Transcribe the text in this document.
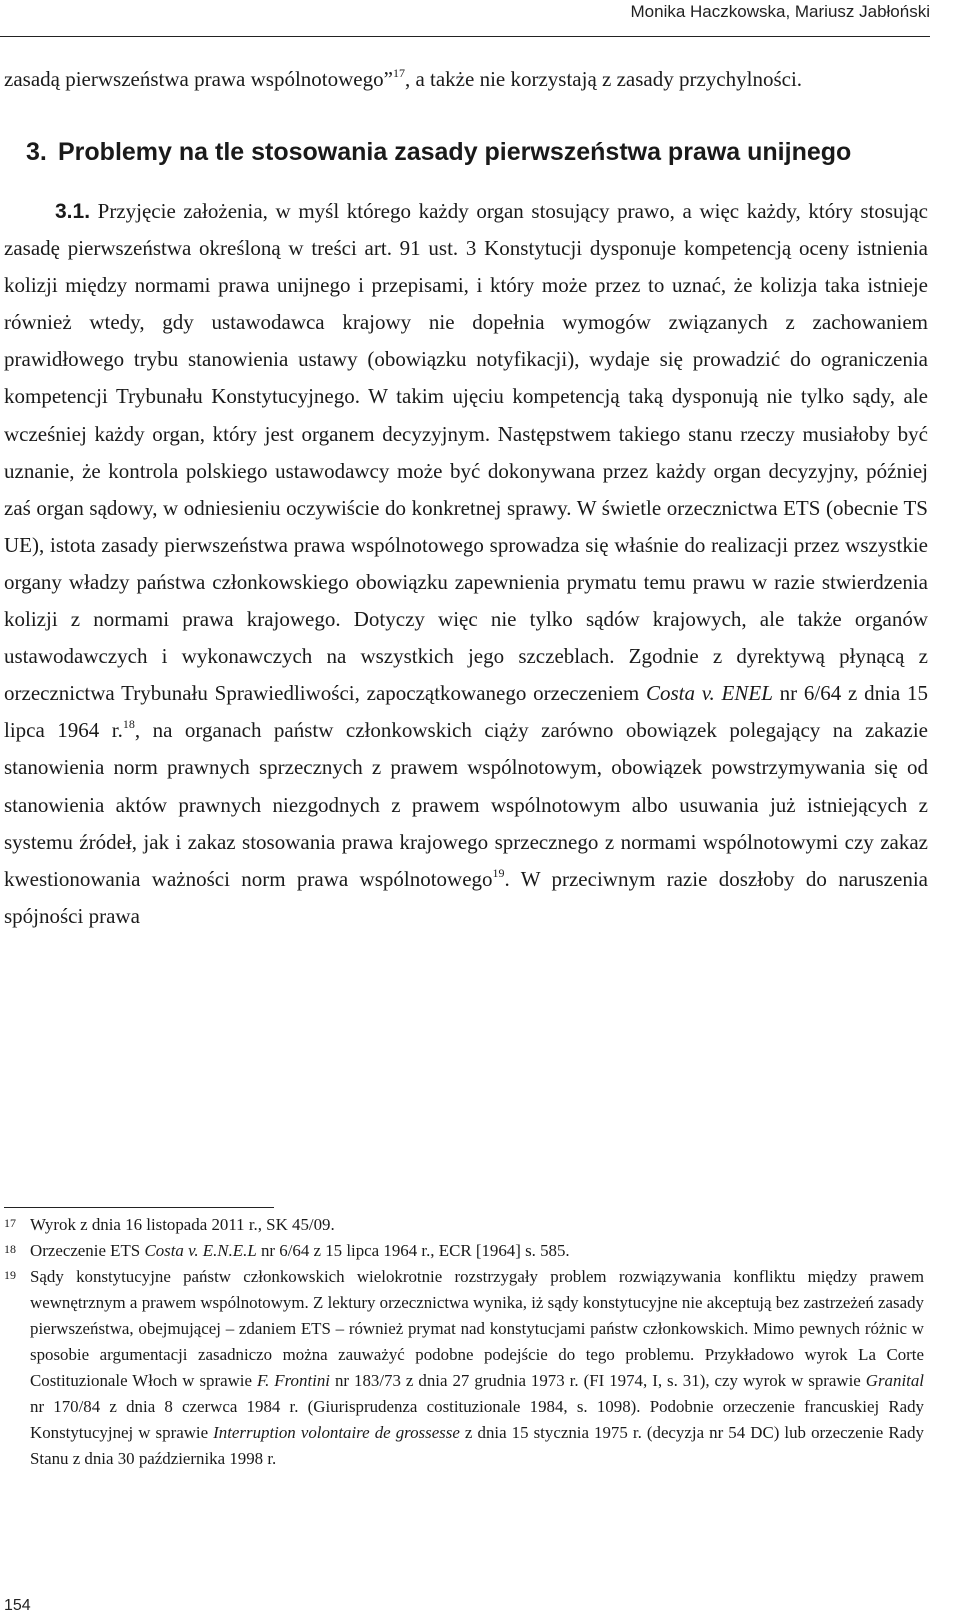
Monika Haczkowska, Mariusz Jabłoński

zasadą pierwszeństwa prawa wspólnotowego”$^{17}$, a także nie korzystają z zasady przychylności.

3. Problemy na tle stosowania zasady pierwszeństwa prawa unijnego

3.1. Przyjęcie założenia, w myśl którego każdy organ stosujący prawo, a więc każdy, który stosując zasadę pierwszeństwa określoną w treści art. 91 ust. 3 Konstytucji dysponuje kompetencją oceny istnienia kolizji między normami prawa unijnego i przepisami, i który może przez to uznać, że kolizja taka istnieje również wtedy, gdy ustawodawca krajowy nie dopełnia wymogów związanych z zachowaniem prawidłowego trybu stanowienia ustawy (obowiązku notyfikacji), wydaje się prowadzić do ograniczenia kompetencji Trybunału Konstytucyjnego. W takim ujęciu kompetencją taką dysponują nie tylko sądy, ale wcześniej każdy organ, który jest organem decyzyjnym. Następstwem takiego stanu rzeczy musiałoby być uznanie, że kontrola polskiego ustawodawcy może być dokonywana przez każdy organ decyzyjny, później zaś organ sądowy, w odniesieniu oczywiście do konkretnej sprawy. W świetle orzecznictwa ETS (obecnie TS UE), istota zasady pierwszeństwa prawa wspólnotowego sprowadza się właśnie do realizacji przez wszystkie organy władzy państwa członkowskiego obowiązku zapewnienia prymatu temu prawu w razie stwierdzenia kolizji z normami prawa krajowego. Dotyczy więc nie tylko sądów krajowych, ale także organów ustawodawczych i wykonawczych na wszystkich jego szczeblach. Zgodnie z dyrektywą płynącą z orzecznictwa Trybunału Sprawiedliwości, zapoczątkowanego orzeczeniem Costa v. ENEL nr 6/64 z dnia 15 lipca 1964 r.$^{18}$, na organach państw członkowskich ciąży zarówno obowiązek polegający na zakazie stanowienia norm prawnych sprzecznych z prawem wspólnotowym, obowiązek powstrzymywania się od stanowienia aktów prawnych niezgodnych z prawem wspólnotowym albo usuwania już istniejących z systemu źródeł, jak i zakaz stosowania prawa krajowego sprzecznego z normami wspólnotowymi czy zakaz kwestionowania ważności norm prawa wspólnotowego$^{19}$. W przeciwnym razie doszłoby do naruszenia spójności prawa

17 Wyrok z dnia 16 listopada 2011 r., SK 45/09.
18 Orzeczenie ETS Costa v. E.N.E.L nr 6/64 z 15 lipca 1964 r., ECR [1964] s. 585.
19 Sądy konstytucyjne państw członkowskich wielokrotnie rozstrzygały problem rozwiązywania konfliktu między prawem wewnętrznym a prawem wspólnotowym. Z lektury orzecznictwa wynika, iż sądy konstytucyjne nie akceptują bez zastrzeżeń zasady pierwszeństwa, obejmującej – zdaniem ETS – również prymat nad konstytucjami państw członkowskich. Mimo pewnych różnic w sposobie argumentacji zasadniczo można zauważyć podobne podejście do tego problemu. Przykładowo wyrok La Corte Costituzionale Włoch w sprawie F. Frontini nr 183/73 z dnia 27 grudnia 1973 r. (FI 1974, I, s. 31), czy wyrok w sprawie Granital nr 170/84 z dnia 8 czerwca 1984 r. (Giurisprudenza costituzionale 1984, s. 1098). Podobnie orzeczenie francuskiej Rady Konstytucyjnej w sprawie Interruption volontaire de grossesse z dnia 15 stycznia 1975 r. (decyzja nr 54 DC) lub orzeczenie Rady Stanu z dnia 30 października 1998 r.
154
